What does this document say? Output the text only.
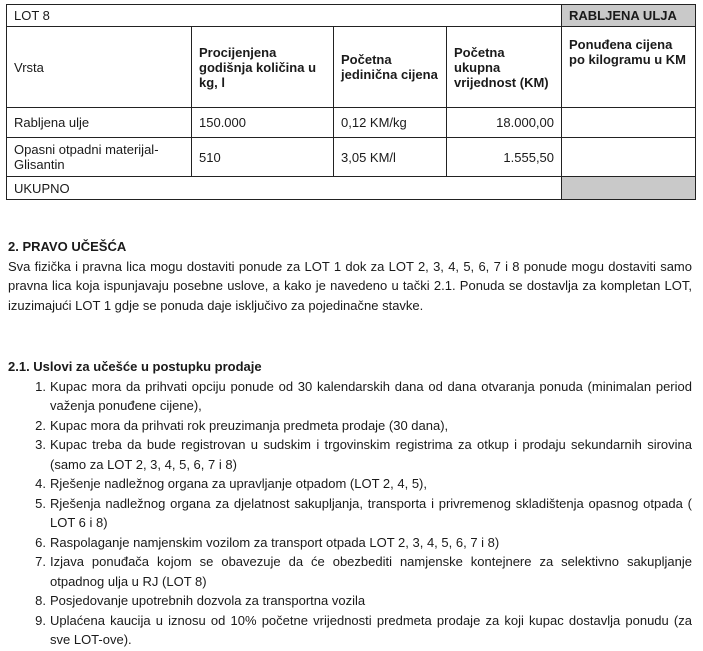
LOT 8				RABLJENA ULJA
Vrsta	Procijenjena godišnja količina u kg, l	Početna jedinična cijena	Početna ukupna vrijednost (KM)	Ponuđena cijena po kilogramu u KM
Rabljena ulje	150.000	0,12 KM/kg	18.000,00	
Opasni otpadni materijal-Glisantin	510	3,05 KM/l	1.555,50	
UKUPNO				
2. PRAVO UČEŠĆA
Sva fizička i pravna lica mogu dostaviti ponude za LOT 1 dok za LOT 2, 3, 4, 5, 6, 7 i 8 ponude mogu dostaviti samo pravna lica koja ispunjavaju posebne uslove, a kako je navedeno u tački 2.1. Ponuda se dostavlja za kompletan LOT, izuzimajući LOT 1 gdje se ponuda daje isključivo za pojedinačne stavke.
2.1. Uslovi za učešće u postupku prodaje
1. Kupac mora da prihvati opciju ponude od 30 kalendarskih dana od dana otvaranja ponuda (minimalan period važenja ponuđene cijene),
2. Kupac mora da prihvati rok preuzimanja predmeta prodaje (30 dana),
3. Kupac treba da bude registrovan u sudskim i trgovinskim registrima za otkup i prodaju sekundarnih sirovina (samo za LOT 2, 3, 4, 5, 6, 7 i 8)
4. Rješenje nadležnog organa za upravljanje otpadom (LOT 2, 4, 5),
5. Rješenja nadležnog organa za djelatnost sakupljanja, transporta i privremenog skladištenja opasnog otpada ( LOT 6 i 8)
6. Raspolaganje namjenskim vozilom za transport otpada LOT 2, 3, 4, 5, 6, 7 i 8)
7. Izjava ponuđača kojom se obavezuje da će obezbediti namjenske kontejnere za selektivno sakupljanje otpadnog ulja u RJ (LOT 8)
8. Posjedovanje upotrebnih dozvola za transportna vozila
9. Uplaćena kaucija u iznosu od 10% početne vrijednosti predmeta prodaje za koji kupac dostavlja ponudu (za sve LOT-ove).
